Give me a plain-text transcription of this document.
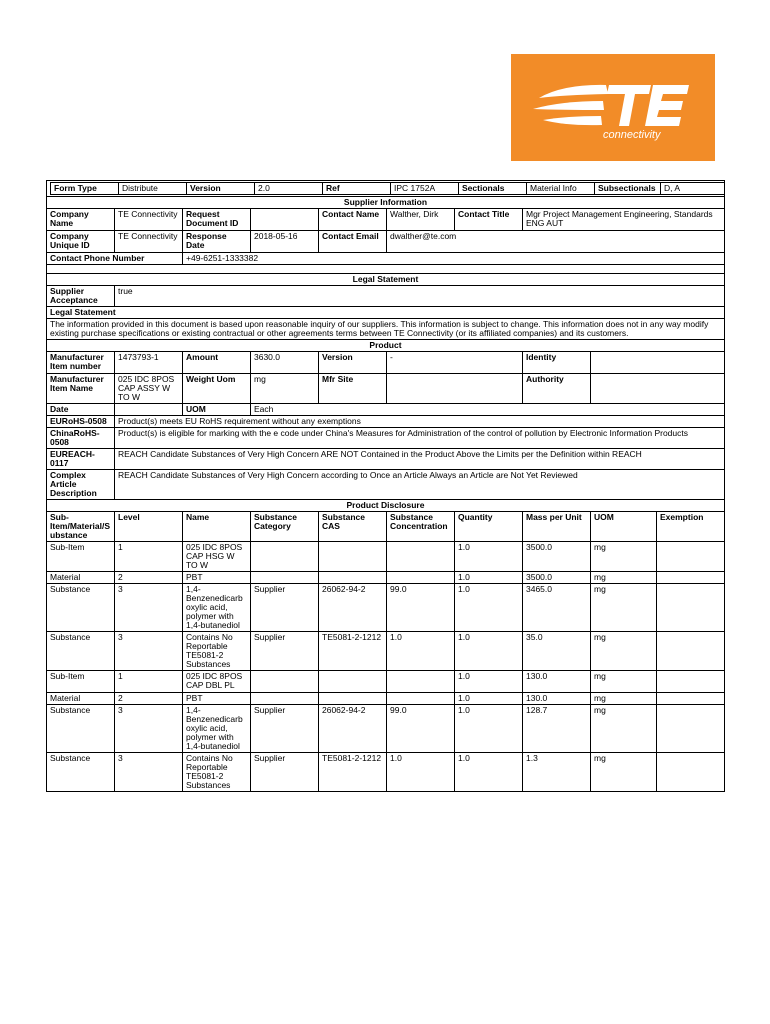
connectivity
Form Type	Distribute	Version	2.0	Ref	IPC 1752A	Sectionals	Material Info	Subsectionals	D, A

Supplier Information
Company Name	TE Connectivity	Request Document ID		Contact Name	Walther, Dirk	Contact Title	Mgr Project Management Engineering, Standards ENG AUT
Company Unique ID	TE Connectivity	Response Date	2018-05-16	Contact Email	dwalther@te.com
Contact Phone Number	+49-6251-1333382

Legal Statement
Supplier Acceptance	true
Legal Statement
The information provided in this document is based upon reasonable inquiry of our suppliers. This information is subject to change. This information does not in any way modify existing purchase specifications or existing contractual or other agreements terms between TE Connectivity (or its affiliated companies) and its customers.
Product
Manufacturer Item number	1473793-1	Amount	3630.0	Version	-	Identity	
Manufacturer Item Name	025 IDC 8POS CAP ASSY W TO W	Weight Uom	mg	Mfr Site		Authority	
Date		UOM	Each
EURoHS-0508	Product(s) meets EU RoHS requirement without any exemptions
ChinaRoHS-0508	Product(s) is eligible for marking with the e code under China's Measures for Administration of the control of pollution by Electronic Information Products
EUREACH-0117	REACH Candidate Substances of Very High Concern ARE NOT Contained in the Product Above the Limits per the Definition within REACH
Complex Article Description	REACH Candidate Substances of Very High Concern according to Once an Article Always an Article are Not Yet Reviewed
Product Disclosure
Sub-Item/Material/Substance	Level	Name	Substance Category	Substance CAS	Substance Concentration	Quantity	Mass per Unit	UOM	Exemption
Sub-Item	1	025 IDC 8POS CAP HSG W TO W				1.0	3500.0	mg	
Material	2	PBT				1.0	3500.0	mg	
Substance	3	1,4-Benzenedicarboxylic acid, polymer with 1,4-butanediol	Supplier	26062-94-2	99.0	1.0	3465.0	mg	
Substance	3	Contains No Reportable TE5081-2 Substances	Supplier	TE5081-2-1212	1.0	1.0	35.0	mg	
Sub-Item	1	025 IDC 8POS CAP DBL PL				1.0	130.0	mg	
Material	2	PBT				1.0	130.0	mg	
Substance	3	1,4-Benzenedicarboxylic acid, polymer with 1,4-butanediol	Supplier	26062-94-2	99.0	1.0	128.7	mg	
Substance	3	Contains No Reportable TE5081-2 Substances	Supplier	TE5081-2-1212	1.0	1.0	1.3	mg	
